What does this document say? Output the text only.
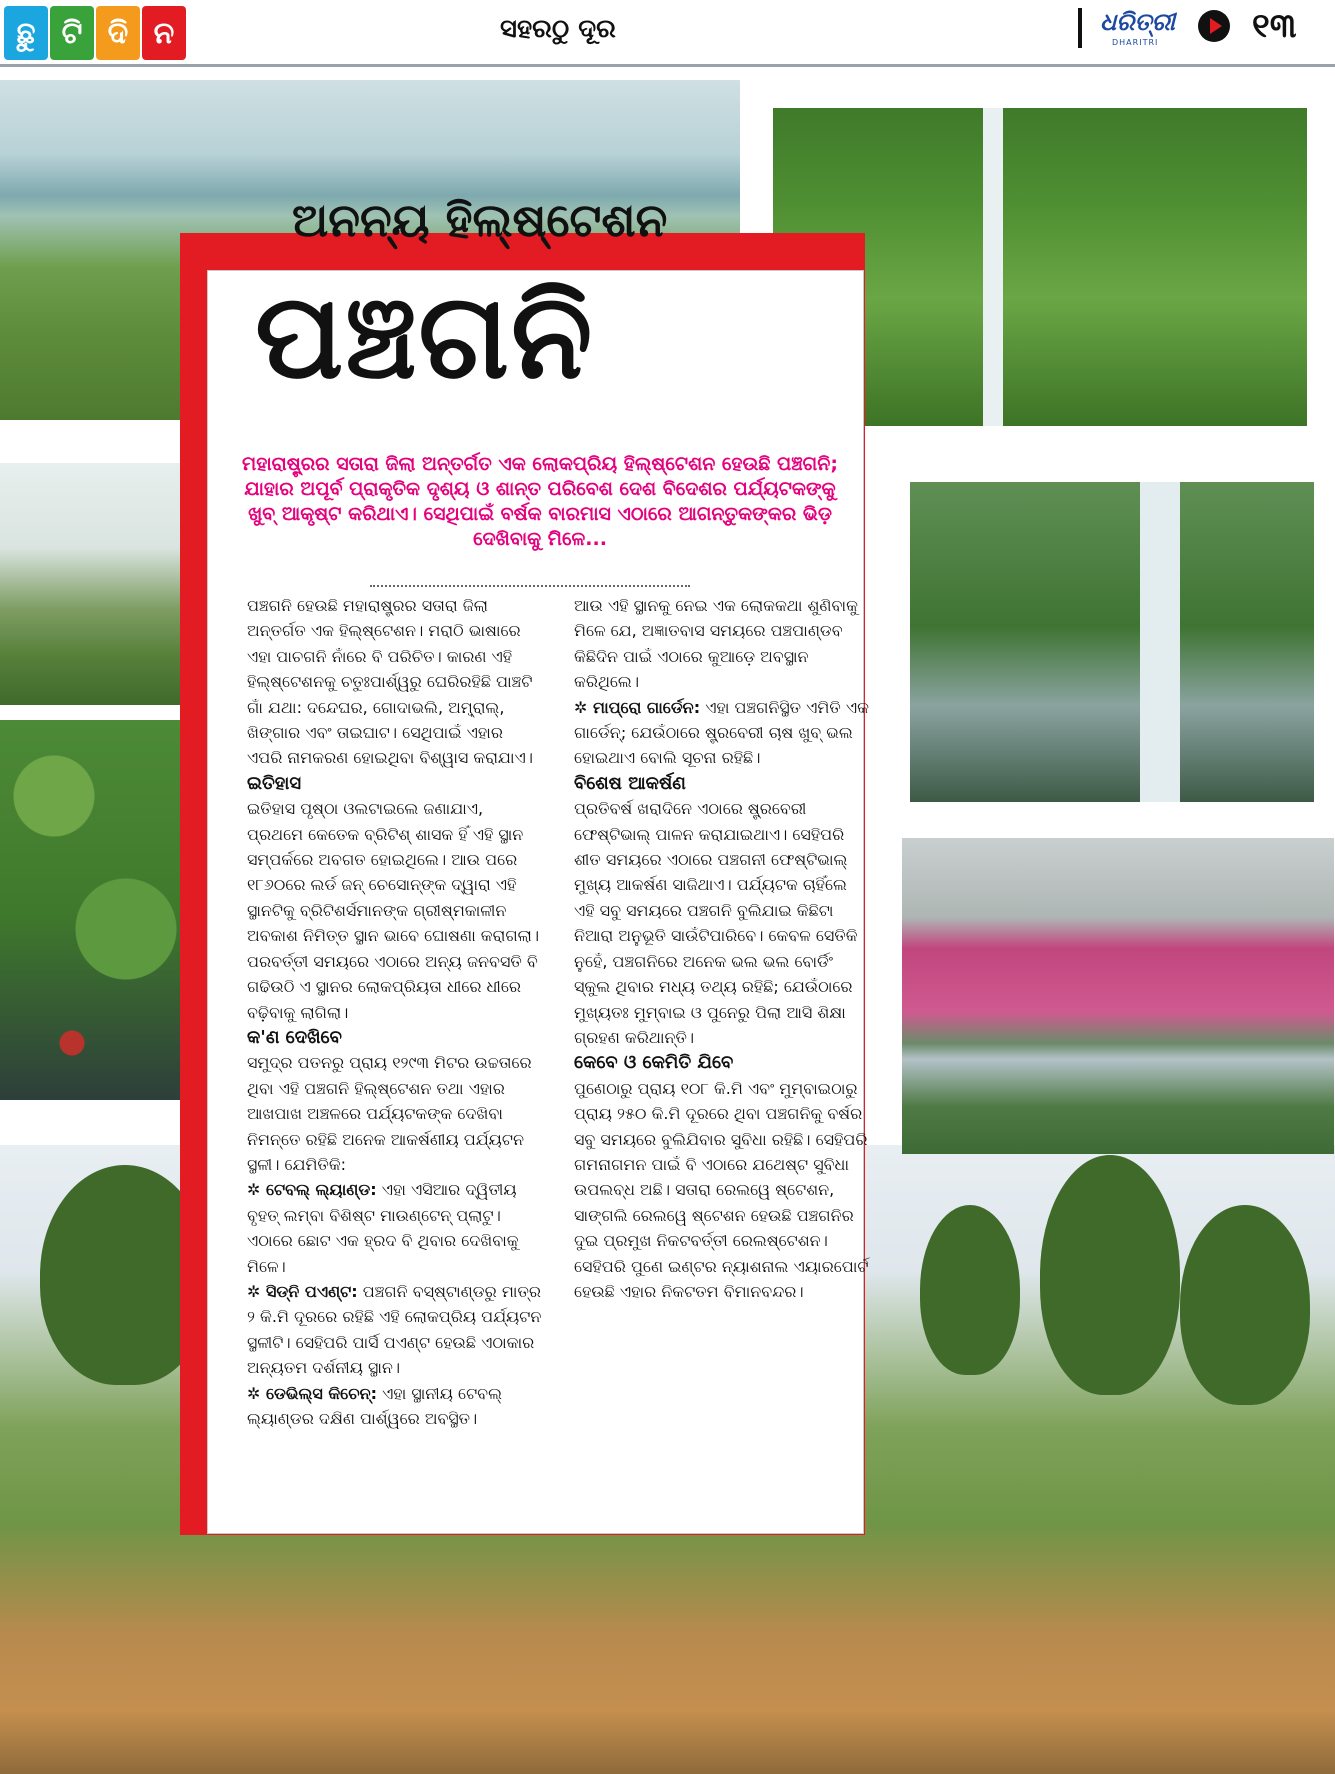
ଛୁ ଟି ଦି ନ	ସହରଠୁ ଦୂର	ଧରିତ୍ରୀ
DHARITRI	୧୩
ଅନନ୍ୟ ହିଲ୍‌ଷ୍ଟେଶନ
ପଞ୍ଚଗନି
ମହାରାଷ୍ଟ୍ରର ସତାରା ଜିଲା ଅନ୍ତର୍ଗତ ଏକ ଲୋକପ୍ରିୟ ହିଲ୍‌ଷ୍ଟେଶନ ହେଉଛି ପଞ୍ଚଗନି; ଯାହାର ଅପୂର୍ବ ପ୍ରାକୃତିକ ଦୃଶ୍ୟ ଓ ଶାନ୍ତ ପରିବେଶ ଦେଶ ବିଦେଶର ପର୍ଯ୍ୟଟକଙ୍କୁ ଖୁବ୍ ଆକୃଷ୍ଟ କରିଥାଏ। ସେଥିପାଇଁ ବର୍ଷକ ବାରମାସ ଏଠାରେ ଆଗନ୍ତୁକଙ୍କର ଭିଡ଼ ଦେଖିବାକୁ ମିଳେ...

ପଞ୍ଚଗନି ହେଉଛି ମହାରାଷ୍ଟ୍ରର ସତାରା ଜିଲା ଅନ୍ତର୍ଗତ ଏକ ହିଲ୍‌ଷ୍ଟେଶନ। ମରାଠି ଭାଷାରେ ଏହା ପାଚଗନି ନାଁରେ ବି ପରିଚିତ। କାରଣ ଏହି ହିଲ୍‌ଷ୍ଟେଶନକୁ ଚତୁଃପାର୍ଶ୍ୱରୁ ଘେରିରହିଛି ପାଞ୍ଚଟି ଗାଁ ଯଥା: ଦନ୍ଦେଘର, ଗୋଦାଭଲି, ଅମ୍ବ୍ରାଲ୍, ଖିଙ୍ଗାର ଏବଂ ତାଇଘାଟ। ସେଥିପାଇଁ ଏହାର ଏପରି ନାମକରଣ ହୋଇଥିବା ବିଶ୍ୱାସ କରାଯାଏ।

ଇତିହାସ

ଇତିହାସ ପୃଷ୍ଠା ଓଲଟାଇଲେ ଜଣାଯାଏ, ପ୍ରଥମେ କେତେକ ବ୍ରିଟିଶ୍ ଶାସକ ହିଁ ଏହି ସ୍ଥାନ ସମ୍ପର୍କରେ ଅବଗତ ହୋଇଥିଲେ। ଆଉ ପରେ ୧୮୬୦ରେ ଲର୍ଡ ଜନ୍ ଚେସୋନ୍‌ଙ୍କ ଦ୍ୱାରା ଏହି ସ୍ଥାନଟିକୁ ବ୍ରିଟିଶର୍ସମାନଙ୍କ ଗ୍ରୀଷ୍ମକାଳୀନ ଅବକାଶ ନିମିତ୍ତ ସ୍ଥାନ ଭାବେ ଘୋଷଣା କରାଗଲା। ପରବର୍ତ୍ତୀ ସମୟରେ ଏଠାରେ ଅନ୍ୟ ଜନବସତି ବି ଗଢିଉଠି ଏ ସ୍ଥାନର ଲୋକପ୍ରିୟତା ଧୀରେ ଧୀରେ ବଢ଼ିବାକୁ ଲାଗିଲା।

କ'ଣ ଦେଖିବେ

ସମୁଦ୍ର ପତନରୁ ପ୍ରାୟ ୧୨୯୩ ମିଟର ଉଚ୍ଚତାରେ ଥିବା ଏହି ପଞ୍ଚଗନି ହିଲ୍‌ଷ୍ଟେଶନ ତଥା ଏହାର ଆଖପାଖ ଅଞ୍ଚଳରେ ପର୍ଯ୍ୟଟକଙ୍କ ଦେଖିବା ନିମନ୍ତେ ରହିଛି ଅନେକ ଆକର୍ଷଣୀୟ ପର୍ଯ୍ୟଟନ ସ୍ଥଳୀ। ଯେମିତିକି:

✲ ଟେବଲ୍ ଲ୍ୟାଣ୍ଡ: ଏହା ଏସିଆର ଦ୍ୱିତୀୟ ବୃହତ୍ ଲମ୍ବା ବିଶିଷ୍ଟ ମାଉଣ୍ଟେନ୍ ପ୍ଲାଟୁ। ଏଠାରେ ଛୋଟ ଏକ ହ୍ରଦ ବି ଥିବାର ଦେଖିବାକୁ ମିଳେ।

✲ ସିଡ୍‌ନି ପଏଣ୍ଟ: ପଞ୍ଚଗନି ବସ୍‌ଷ୍ଟାଣ୍ଡରୁ ମାତ୍ର ୨ କି.ମି ଦୂରରେ ରହିଛି ଏହି ଲୋକପ୍ରିୟ ପର୍ଯ୍ୟଟନ ସ୍ଥଳୀଟି। ସେହିପରି ପାର୍ସି ପଏଣ୍ଟ ହେଉଛି ଏଠାକାର ଅନ୍ୟତମ ଦର୍ଶନୀୟ ସ୍ଥାନ।

✲ ଡେଭିଲ୍ସ କିଚେନ୍: ଏହା ସ୍ଥାନୀୟ ଟେବଲ୍ ଲ୍ୟାଣ୍ଡର ଦକ୍ଷିଣ ପାର୍ଶ୍ୱରେ ଅବସ୍ଥିତ।

ଆଉ ଏହି ସ୍ଥାନକୁ ନେଇ ଏକ ଲୋକକଥା ଶୁଣିବାକୁ ମିଳେ ଯେ, ଅଜ୍ଞାତବାସ ସମୟରେ ପଞ୍ଚପାଣ୍ଡବ କିଛିଦିନ ପାଇଁ ଏଠାରେ କୁଆଡ଼େ ଅବସ୍ଥାନ କରିଥିଲେ।

✲ ମାପ୍ରୋ ଗାର୍ଡେନ: ଏହା ପଞ୍ଚଗନିସ୍ଥିତ ଏମିତି ଏକ ଗାର୍ଡେନ୍; ଯେଉଁଠାରେ ଷ୍ଟ୍ରବେରୀ ଚାଷ ଖୁବ୍ ଭଲ ହୋଇଥାଏ ବୋଲି ସୂଚନା ରହିଛି।

ବିଶେଷ ଆକର୍ଷଣ

ପ୍ରତିବର୍ଷ ଖରାଦିନେ ଏଠାରେ ଷ୍ଟ୍ରବେରୀ ଫେଷ୍ଟିଭାଲ୍ ପାଳନ କରାଯାଇଥାଏ। ସେହିପରି ଶୀତ ସମୟରେ ଏଠାରେ ପଞ୍ଚଗନୀ ଫେଷ୍ଟିଭାଲ୍ ମୁଖ୍ୟ ଆକର୍ଷଣ ସାଜିଥାଏ। ପର୍ଯ୍ୟଟକ ଚାହିଁଲେ ଏହି ସବୁ ସମୟରେ ପଞ୍ଚଗନି ବୁଲିଯାଇ କିଛିଟା ନିଆରା ଅନୁଭୂତି ସାଉଁଟିପାରିବେ। କେବଳ ସେତିକି ନୁହେଁ, ପଞ୍ଚଗନିରେ ଅନେକ ଭଲ ଭଲ ବୋର୍ଡିଂ ସ୍କୁଲ ଥିବାର ମଧ୍ୟ ତଥ୍ୟ ରହିଛି; ଯେଉଁଠାରେ ମୁଖ୍ୟତଃ ମୁମ୍ବାଇ ଓ ପୁନେରୁ ପିଲା ଆସି ଶିକ୍ଷା ଗ୍ରହଣ କରିଥାନ୍ତି।

କେବେ ଓ କେମିତି ଯିବେ

ପୁଣେଠାରୁ ପ୍ରାୟ ୧୦୮ କି.ମି ଏବଂ ମୁମ୍ବାଇଠାରୁ ପ୍ରାୟ ୨୫୦ କି.ମି ଦୂରରେ ଥିବା ପଞ୍ଚଗନିକୁ ବର୍ଷର ସବୁ ସମୟରେ ବୁଲିଯିବାର ସୁବିଧା ରହିଛି। ସେହିପରି ଗମନାଗମନ ପାଇଁ ବି ଏଠାରେ ଯଥେଷ୍ଟ ସୁବିଧା ଉପଲବ୍ଧ ଅଛି। ସତାରା ରେଲୱେ ଷ୍ଟେଶନ, ସାଙ୍ଗଲି ରେଲୱେ ଷ୍ଟେଶନ ହେଉଛି ପଞ୍ଚଗନିର ଦୁଇ ପ୍ରମୁଖ ନିକଟବର୍ତ୍ତୀ ରେଲଷ୍ଟେଶନ। ସେହିପରି ପୁଣେ ଇଣ୍ଟର ନ୍ୟାଶନାଲ ଏୟାରପୋର୍ଟ ହେଉଛି ଏହାର ନିକଟତମ ବିମାନବନ୍ଦର।
